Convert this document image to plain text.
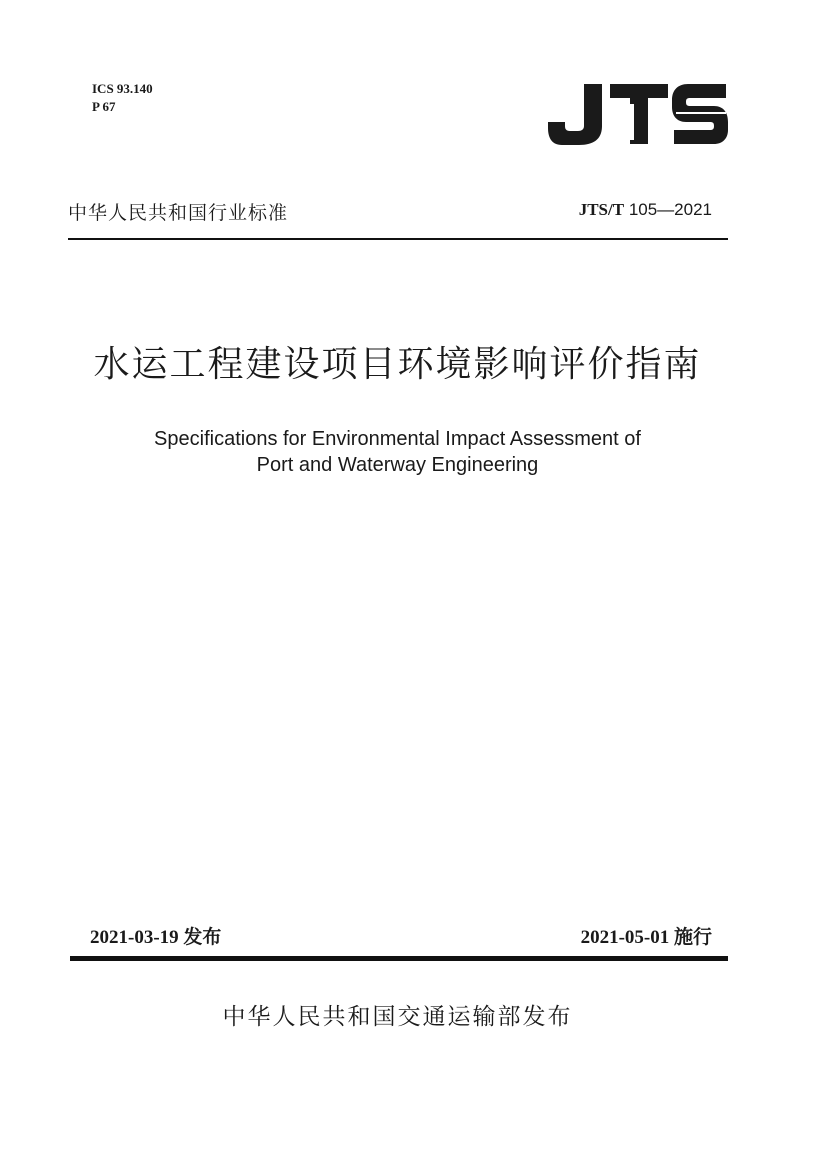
ICS 93.140
P 67
中华人民共和国行业标准	JTS/T 105—2021
水运工程建设项目环境影响评价指南
Specifications for Environmental Impact Assessment of
Port and Waterway Engineering
2021-03-19 发布	2021-05-01 施行
中华人民共和国交通运输部发布
